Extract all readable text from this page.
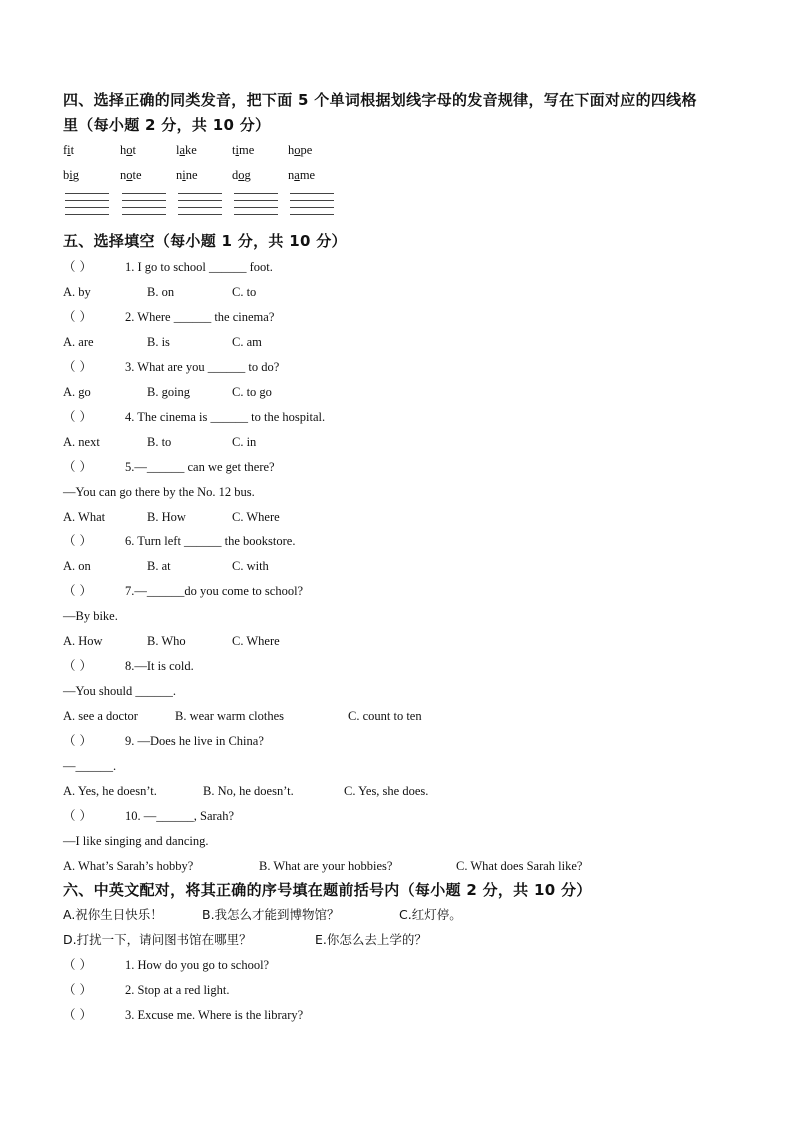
四、选择正确的同类发音，把下面 5 个单词根据划线字母的发音规律，写在下面对应的四线格
里（每小题 2 分，共 10 分）
fit	hot	lake	time	hope
big	note	nine	dog	name
五、选择填空（每小题 1 分，共 10 分）
（ ）	1. I go to school ______ foot.
A. by	B. on	C. to
（ ）	2. Where ______ the cinema?
A. are	B. is	C. am
（ ）	3. What are you ______ to do?
A. go	B. going	C. to go
（ ）	4. The cinema is ______ to the hospital.
A. next	B. to	C. in
（ ）	5.—______ can we get there?
—You can go there by the No. 12 bus.
A. What	B. How	C. Where
（ ）	6. Turn left ______ the bookstore.
A. on	B. at	C. with
（ ）	7.—______do you come to school?
—By bike.
A. How	B. Who	C. Where
（ ）	8.—It is cold.
—You should ______.
A. see a doctor	B. wear warm clothes	C. count to ten
（ ）	9. —Does he live in China?
—______.
A. Yes, he doesn’t.	B. No, he doesn’t.	C. Yes, she does.
（ ）	10. —______, Sarah?
—I like singing and dancing.
A. What’s Sarah’s hobby?	B. What are your hobbies?	C. What does Sarah like?
六、中英文配对，将其正确的序号填在题前括号内（每小题 2 分，共 10 分）
A.祝你生日快乐！	B.我怎么才能到博物馆？	C.红灯停。
D.打扰一下，请问图书馆在哪里？	E.你怎么去上学的？
（ ）	1. How do you go to school?
（ ）	2. Stop at a red light.
（ ）	3. Excuse me. Where is the library?
